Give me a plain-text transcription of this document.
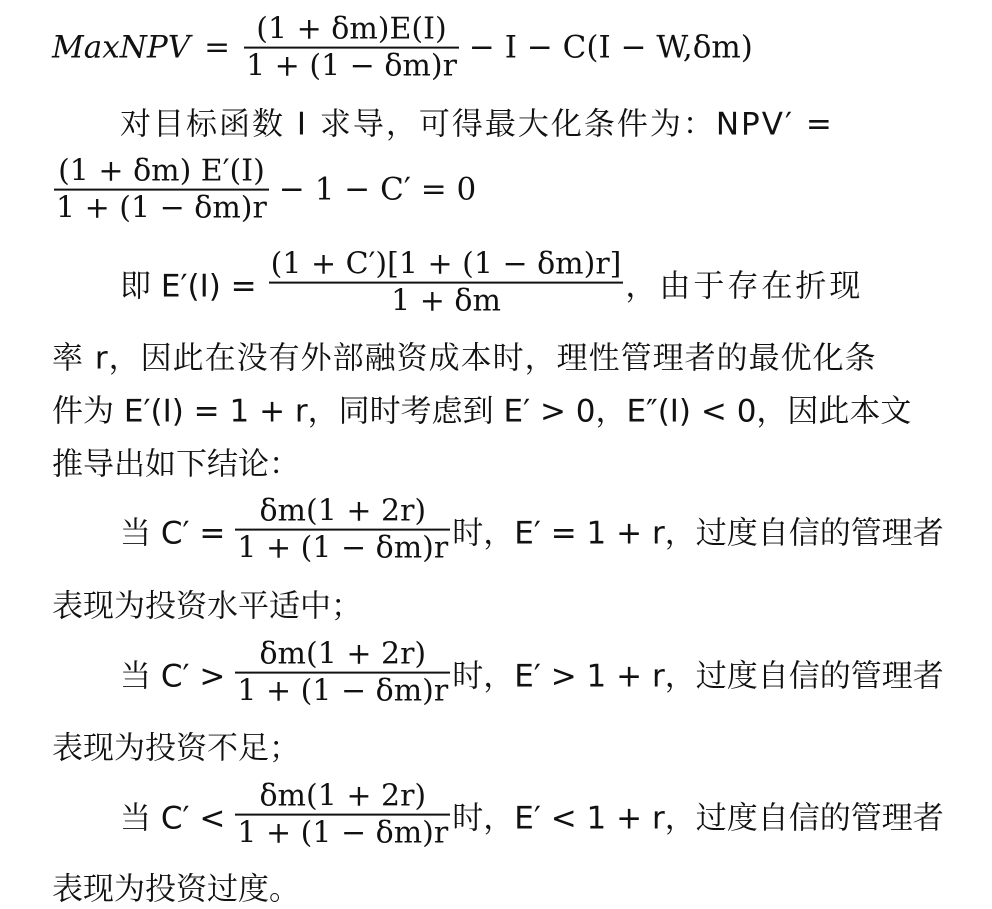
MaxNPV = $\frac{(1 + \delta m)E(I)}{1 + (1 - \delta m)r} - I - C(I - W,\delta m)$
对目标函数 I 求导，可得最大化条件为：NPV′ =
$\frac{(1 + \delta m) E'(I)}{1 + (1 - \delta m)r} - 1 - C' = 0$
即 $E'(I) = \frac{(1 + C')[1 + (1 - \delta m)r]}{1 + \delta m}$ ，由于存在折现
率 r，因此在没有外部融资成本时，理性管理者的最优化条
件为 E′(I) = 1 + r，同时考虑到 E′ > 0，E″(I) < 0，因此本文
推导出如下结论：
当 $C' = \frac{\delta m(1 + 2r)}{1 + (1 - \delta m)r}$ 时，E′ = 1 + r，过度自信的管理者
表现为投资水平适中；
当 $C' > \frac{\delta m(1 + 2r)}{1 + (1 - \delta m)r}$ 时，E′ > 1 + r，过度自信的管理者
表现为投资不足；
当 $C' < \frac{\delta m(1 + 2r)}{1 + (1 - \delta m)r}$ 时，E′ < 1 + r，过度自信的管理者
表现为投资过度。
